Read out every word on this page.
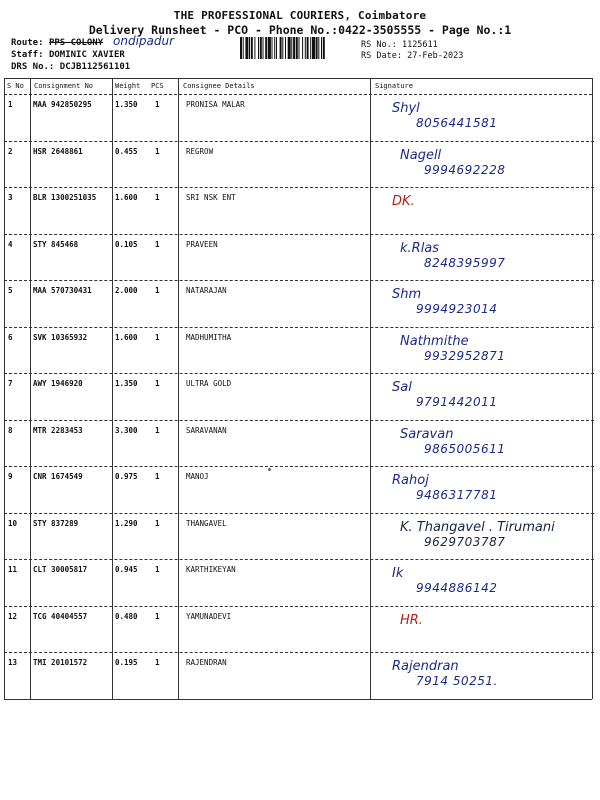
THE PROFESSIONAL COURIERS, Coimbatore
Delivery Runsheet - PCO - Phone No.:0422-3505555 - Page No.:1
Route: PPS COLONY ondipadur
Staff: DOMINIC XAVIER
DRS No.: DCJB112561101
RS No.: 1125611
RS Date: 27-Feb-2023
S No Consignment No	Weight PCS	Consignee Details	Signature
1	MAA 942850295	1.350 1	PRONISA MALAR	Shyl
8056441581
2	HSR 2648861	0.455 1	REGROW	Nagell
9994692228
3	BLR 1300251035	1.600 1	SRI NSK ENT	DK.
4	STY 845468	0.105 1	PRAVEEN	k.Rlas
8248395997
5	MAA 570730431	2.000 1	NATARAJAN	Shm
9994923014
6	SVK 10365932	1.600 1	MADHUMITHA	Nathmithe
9932952871
7	AWY 1946920	1.350 1	ULTRA GOLD	Sal
9791442011
8	MTR 2283453	3.300 1	SARAVANAN	Saravan
9865005611
9	CNR 1674549	0.975 1	MANOJ	Rahoj
9486317781
10 STY 837289	1.290 1	THANGAVEL	K. Thangavel . Tirumani
9629703787
11 CLT 30005817	0.945 1	KARTHIKEYAN	Ik
9944886142
12 TCG 40404557	0.480 1	YAMUNADEVI	HR.
13 TMI 20101572	0.195 1	RAJENDRAN	Rajendran
7914 50251.
